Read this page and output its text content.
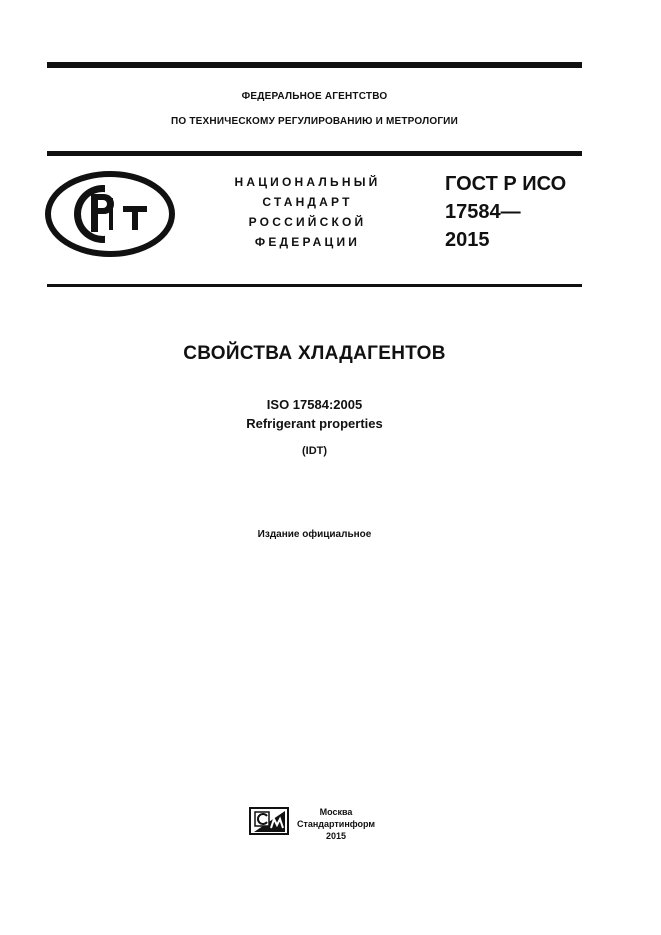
ФЕДЕРАЛЬНОЕ АГЕНТСТВО
ПО ТЕХНИЧЕСКОМУ РЕГУЛИРОВАНИЮ И МЕТРОЛОГИИ
НАЦИОНАЛЬНЫЙ
СТАНДАРТ
РОССИЙСКОЙ
ФЕДЕРАЦИИ
ГОСТ Р ИСО
17584—
2015
СВОЙСТВА ХЛАДАГЕНТОВ
ISO 17584:2005
Refrigerant properties
(IDT)
Издание официальное
Москва
Стандартинформ
2015
